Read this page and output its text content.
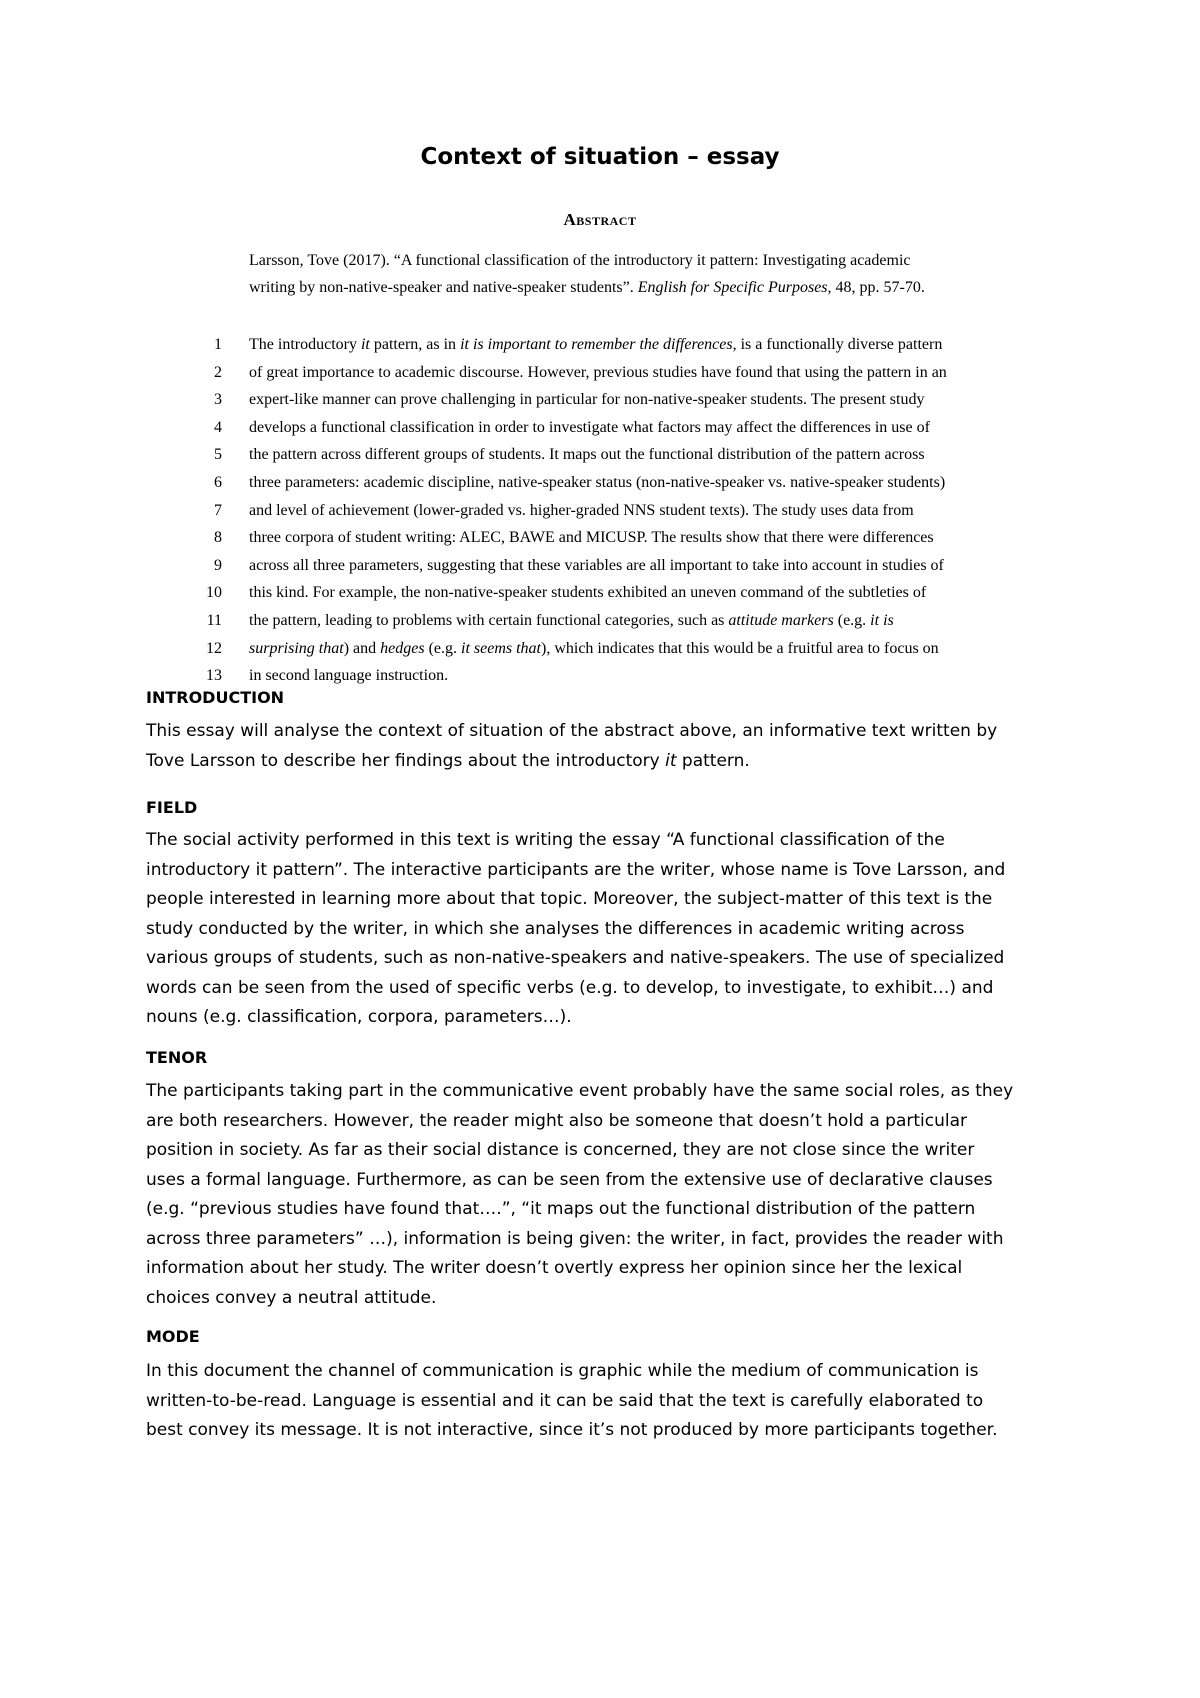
Context of situation – essay
Abstract
Larsson, Tove (2017). “A functional classification of the introductory it pattern: Investigating academic
writing by non-native-speaker and native-speaker students”. English for Specific Purposes, 48, pp. 57-70.
1 The introductory it pattern, as in it is important to remember the differences, is a functionally diverse pattern
2 of great importance to academic discourse. However, previous studies have found that using the pattern in an
3 expert-like manner can prove challenging in particular for non-native-speaker students. The present study
4 develops a functional classification in order to investigate what factors may affect the differences in use of
5 the pattern across different groups of students. It maps out the functional distribution of the pattern across
6 three parameters: academic discipline, native-speaker status (non-native-speaker vs. native-speaker students)
7 and level of achievement (lower-graded vs. higher-graded NNS student texts). The study uses data from
8 three corpora of student writing: ALEC, BAWE and MICUSP. The results show that there were differences
9 across all three parameters, suggesting that these variables are all important to take into account in studies of
10 this kind. For example, the non-native-speaker students exhibited an uneven command of the subtleties of
11 the pattern, leading to problems with certain functional categories, such as attitude markers (e.g. it is
12 surprising that) and hedges (e.g. it seems that), which indicates that this would be a fruitful area to focus on
13 in second language instruction.
INTRODUCTION
This essay will analyse the context of situation of the abstract above, an informative text written by
Tove Larsson to describe her findings about the introductory it pattern.
FIELD
The social activity performed in this text is writing the essay “A functional classification of the
introductory it pattern”. The interactive participants are the writer, whose name is Tove Larsson, and
people interested in learning more about that topic. Moreover, the subject-matter of this text is the
study conducted by the writer, in which she analyses the differences in academic writing across
various groups of students, such as non-native-speakers and native-speakers. The use of specialized
words can be seen from the used of specific verbs (e.g. to develop, to investigate, to exhibit…) and
nouns (e.g. classification, corpora, parameters…).
TENOR
The participants taking part in the communicative event probably have the same social roles, as they
are both researchers. However, the reader might also be someone that doesn’t hold a particular
position in society. As far as their social distance is concerned, they are not close since the writer
uses a formal language. Furthermore, as can be seen from the extensive use of declarative clauses
(e.g. “previous studies have found that….”, “it maps out the functional distribution of the pattern
across three parameters” …), information is being given: the writer, in fact, provides the reader with
information about her study. The writer doesn’t overtly express her opinion since her the lexical
choices convey a neutral attitude.
MODE
In this document the channel of communication is graphic while the medium of communication is
written-to-be-read. Language is essential and it can be said that the text is carefully elaborated to
best convey its message. It is not interactive, since it’s not produced by more participants together.
